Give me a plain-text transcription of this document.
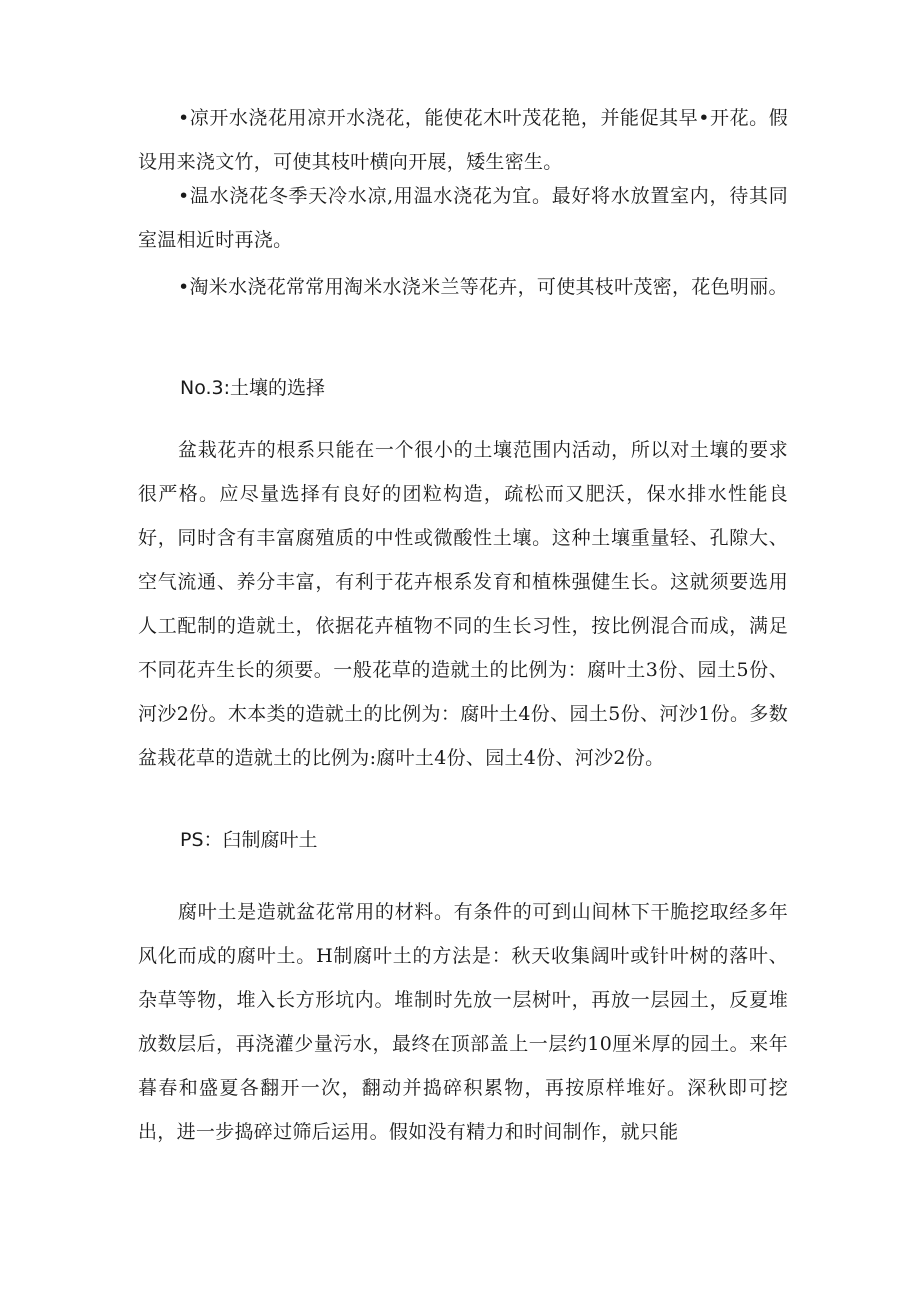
•凉开水浇花用凉开水浇花，能使花木叶茂花艳，并能促其早•开花。假设用来浇文竹，可使其枝叶横向开展，矮生密生。

•温水浇花冬季天冷水凉,用温水浇花为宜。最好将水放置室内，待其同室温相近时再浇。

•淘米水浇花常常用淘米水浇米兰等花卉，可使其枝叶茂密，花色明丽。

No.3:土壤的选择

盆栽花卉的根系只能在一个很小的土壤范围内活动，所以对土壤的要求很严格。应尽量选择有良好的团粒构造，疏松而又肥沃，保水排水性能良好，同时含有丰富腐殖质的中性或微酸性土壤。这种土壤重量轻、孔隙大、空气流通、养分丰富，有利于花卉根系发育和植株强健生长。这就须要选用人工配制的造就土，依据花卉植物不同的生长习性，按比例混合而成，满足不同花卉生长的须要。一般花草的造就土的比例为：腐叶土3份、园土5份、河沙2份。木本类的造就土的比例为：腐叶土4份、园土5份、河沙1份。多数盆栽花草的造就土的比例为:腐叶土4份、园土4份、河沙2份。

PS：臼制腐叶土

腐叶土是造就盆花常用的材料。有条件的可到山间林下干脆挖取经多年风化而成的腐叶土。H制腐叶土的方法是：秋天收集阔叶或针叶树的落叶、杂草等物，堆入长方形坑内。堆制时先放一层树叶，再放一层园土，反夏堆放数层后，再浇灌少量污水，最终在顶部盖上一层约10厘米厚的园土。来年暮春和盛夏各翻开一次，翻动并捣碎积累物，再按原样堆好。深秋即可挖出，进一步捣碎过筛后运用。假如没有精力和时间制作，就只能
